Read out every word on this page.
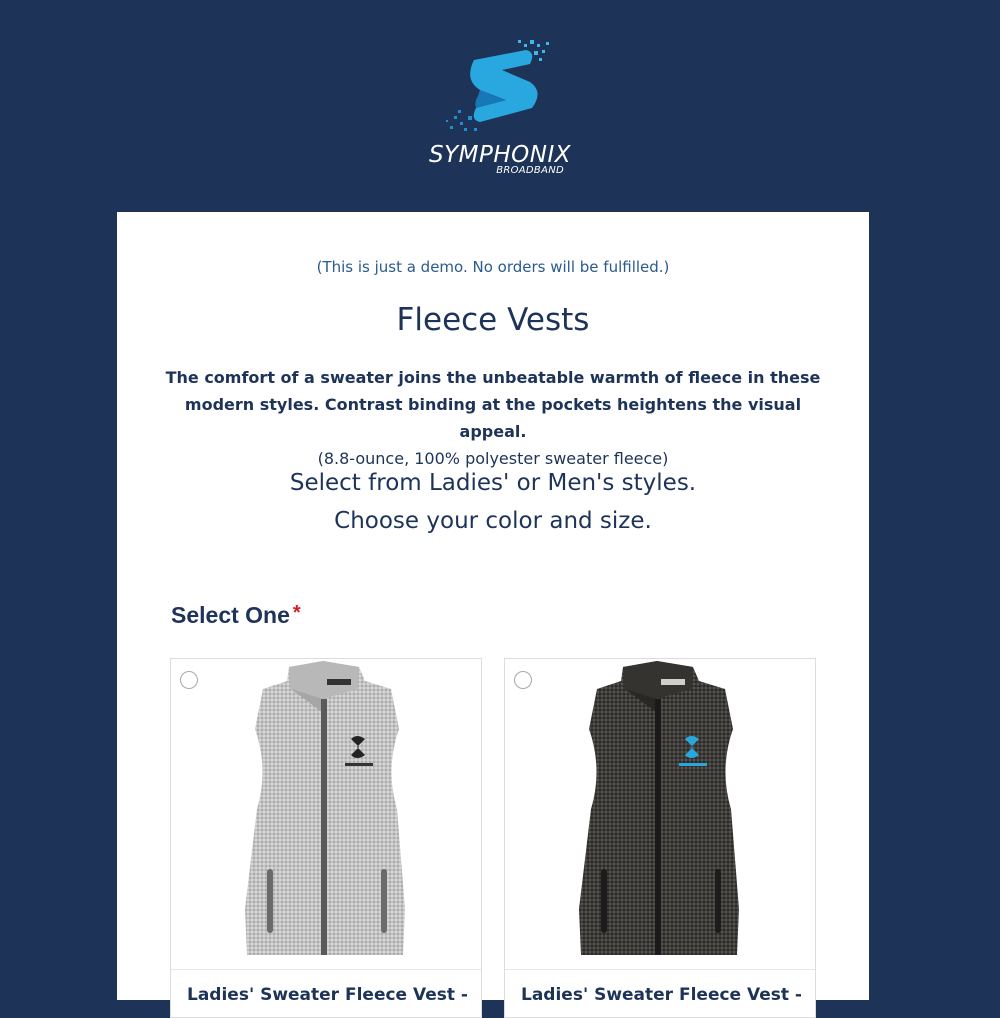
SYMPHONIX
BROADBAND
(This is just a demo. No orders will be fulfilled.)
Fleece Vests
The comfort of a sweater joins the unbeatable warmth of fleece in these modern styles. Contrast binding at the pockets heightens the visual appeal.
(8.8-ounce, 100% polyester sweater fleece)
Select from Ladies' or Men's styles.
Choose your color and size.
Select One *
Ladies' Sweater Fleece Vest -	Ladies' Sweater Fleece Vest -
